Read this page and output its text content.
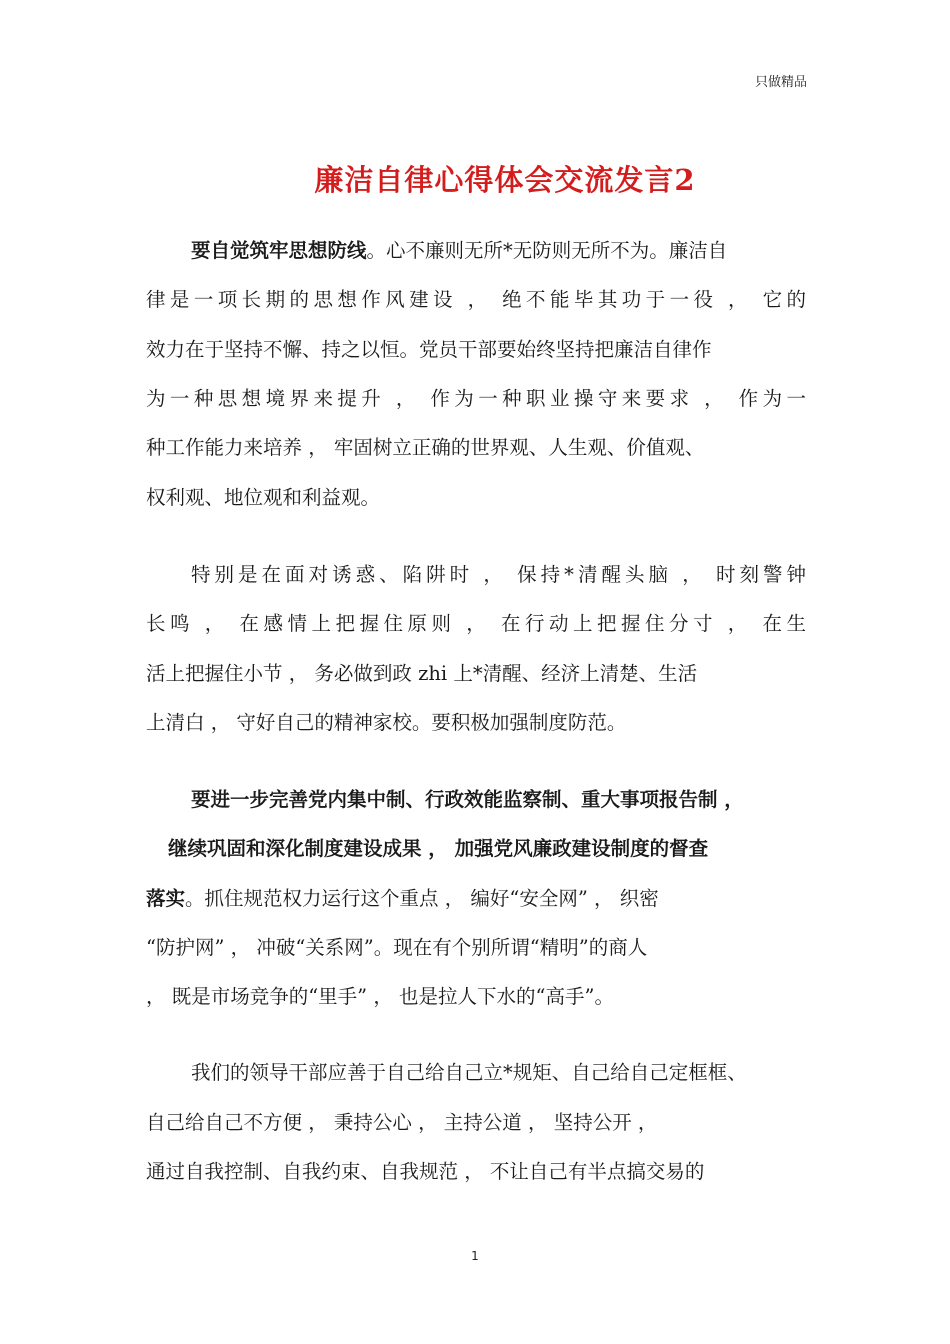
只做精品
廉洁自律心得体会交流发言2
要自觉筑牢思想防线。心不廉则无所*无防则无所不为。廉洁自
律是一项长期的思想作风建设 ， 绝不能毕其功于一役 ， 它的
效力在于坚持不懈、持之以恒。党员干部要始终坚持把廉洁自律作
为一种思想境界来提升 ， 作为一种职业操守来要求 ， 作为一
种工作能力来培养 ， 牢固树立正确的世界观、人生观、价值观、
权利观、地位观和利益观。
特别是在面对诱惑、陷阱时 ， 保持*清醒头脑 ， 时刻警钟
长鸣 ， 在感情上把握住原则 ， 在行动上把握住分寸 ， 在生
活上把握住小节 ， 务必做到政 zhi 上*清醒、经济上清楚、生活
上清白 ， 守好自己的精神家校。要积极加强制度防范。
要进一步完善党内集中制、行政效能监察制、重大事项报告制 ，
继续巩固和深化制度建设成果 ， 加强党风廉政建设制度的督查
落实。抓住规范权力运行这个重点 ， 编好“安全网” ， 织密
“防护网” ， 冲破“关系网”。现在有个别所谓“精明”的商人
， 既是市场竞争的“里手” ， 也是拉人下水的“高手”。
我们的领导干部应善于自己给自己立*规矩、自己给自己定框框、
自己给自己不方便 ， 秉持公心 ， 主持公道 ， 坚持公开 ，
通过自我控制、自我约束、自我规范 ， 不让自己有半点搞交易的
1
